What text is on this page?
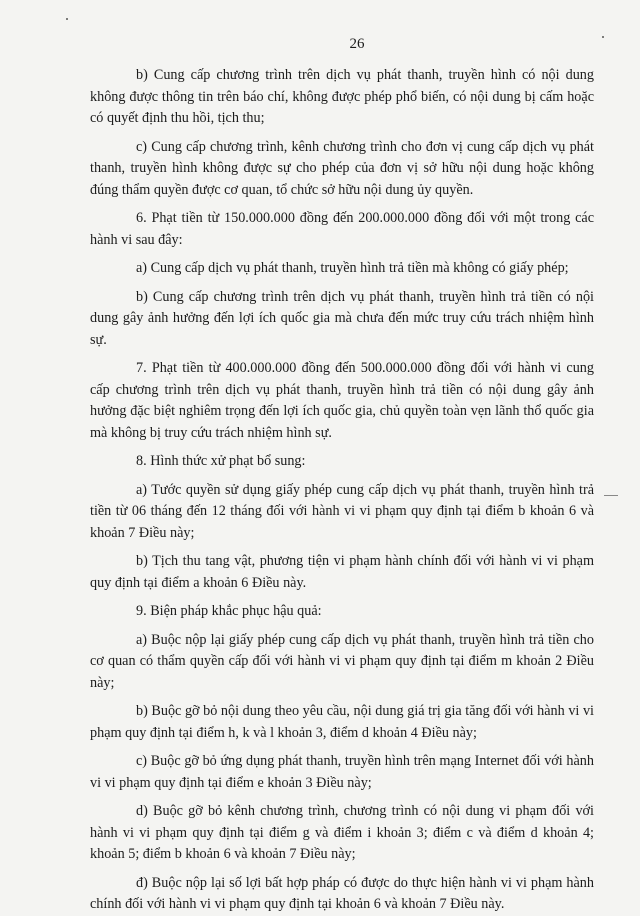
26

b) Cung cấp chương trình trên dịch vụ phát thanh, truyền hình có nội dung không được thông tin trên báo chí, không được phép phổ biến, có nội dung bị cấm hoặc có quyết định thu hồi, tịch thu;

c) Cung cấp chương trình, kênh chương trình cho đơn vị cung cấp dịch vụ phát thanh, truyền hình không được sự cho phép của đơn vị sở hữu nội dung hoặc không đúng thẩm quyền được cơ quan, tổ chức sở hữu nội dung ủy quyền.

6. Phạt tiền từ 150.000.000 đồng đến 200.000.000 đồng đối với một trong các hành vi sau đây:

a) Cung cấp dịch vụ phát thanh, truyền hình trả tiền mà không có giấy phép;

b) Cung cấp chương trình trên dịch vụ phát thanh, truyền hình trả tiền có nội dung gây ảnh hưởng đến lợi ích quốc gia mà chưa đến mức truy cứu trách nhiệm hình sự.

7. Phạt tiền từ 400.000.000 đồng đến 500.000.000 đồng đối với hành vi cung cấp chương trình trên dịch vụ phát thanh, truyền hình trả tiền có nội dung gây ảnh hưởng đặc biệt nghiêm trọng đến lợi ích quốc gia, chủ quyền toàn vẹn lãnh thổ quốc gia mà không bị truy cứu trách nhiệm hình sự.

8. Hình thức xử phạt bổ sung:

a) Tước quyền sử dụng giấy phép cung cấp dịch vụ phát thanh, truyền hình trả tiền từ 06 tháng đến 12 tháng đối với hành vi vi phạm quy định tại điểm b khoản 6 và khoản 7 Điều này;

b) Tịch thu tang vật, phương tiện vi phạm hành chính đối với hành vi vi phạm quy định tại điểm a khoản 6 Điều này.

9. Biện pháp khắc phục hậu quả:

a) Buộc nộp lại giấy phép cung cấp dịch vụ phát thanh, truyền hình trả tiền cho cơ quan có thẩm quyền cấp đối với hành vi vi phạm quy định tại điểm m khoản 2 Điều này;

b) Buộc gỡ bỏ nội dung theo yêu cầu, nội dung giá trị gia tăng đối với hành vi vi phạm quy định tại điểm h, k và l khoản 3, điểm d khoản 4 Điều này;

c) Buộc gỡ bỏ ứng dụng phát thanh, truyền hình trên mạng Internet đối với hành vi vi phạm quy định tại điểm e khoản 3 Điều này;

d) Buộc gỡ bỏ kênh chương trình, chương trình có nội dung vi phạm đối với hành vi vi phạm quy định tại điểm g và điểm i khoản 3; điểm c và điểm d khoản 4; khoản 5; điểm b khoản 6 và khoản 7 Điều này;

đ) Buộc nộp lại số lợi bất hợp pháp có được do thực hiện hành vi vi phạm hành chính đối với hành vi vi phạm quy định tại khoản 6 và khoản 7 Điều này.
